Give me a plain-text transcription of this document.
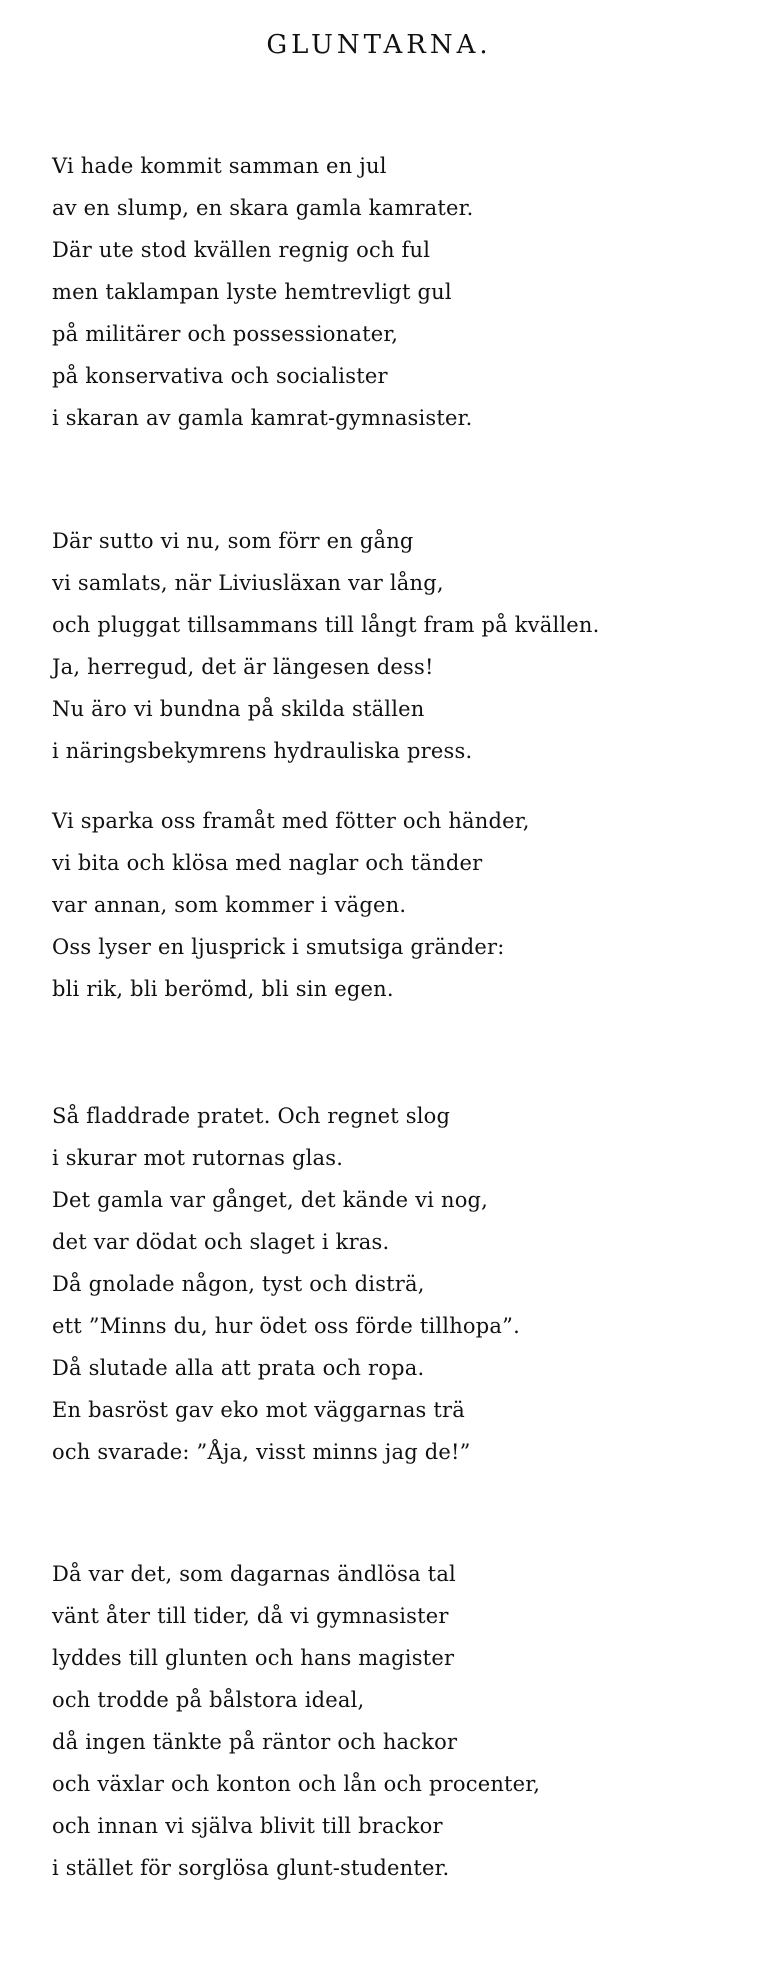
GLUNTARNA.
Vi hade kommit samman en jul
av en slump, en skara gamla kamrater.
Där ute stod kvällen regnig och ful
men taklampan lyste hemtrevligt gul
på militärer och possessionater,
på konservativa och socialister
i skaran av gamla kamrat-gymnasister.
Där sutto vi nu, som förr en gång
vi samlats, när Liviusläxan var lång,
och pluggat tillsammans till långt fram på kvällen.
Ja, herregud, det är längesen dess!
Nu äro vi bundna på skilda ställen
i näringsbekymrens hydrauliska press.
Vi sparka oss framåt med fötter och händer,
vi bita och klösa med naglar och tänder
var annan, som kommer i vägen.
Oss lyser en ljusprick i smutsiga gränder:
bli rik, bli berömd, bli sin egen.
Så fladdrade pratet. Och regnet slog
i skurar mot rutornas glas.
Det gamla var gånget, det kände vi nog,
det var dödat och slaget i kras.
Då gnolade någon, tyst och disträ,
ett ”Minns du, hur ödet oss förde tillhopa”.
Då slutade alla att prata och ropa.
En basröst gav eko mot väggarnas trä
och svarade: ”Åja, visst minns jag de!”
Då var det, som dagarnas ändlösa tal
vänt åter till tider, då vi gymnasister
lyddes till glunten och hans magister
och trodde på bålstora ideal,
då ingen tänkte på räntor och hackor
och växlar och konton och lån och procenter,
och innan vi själva blivit till brackor
i stället för sorglösa glunt-studenter.
